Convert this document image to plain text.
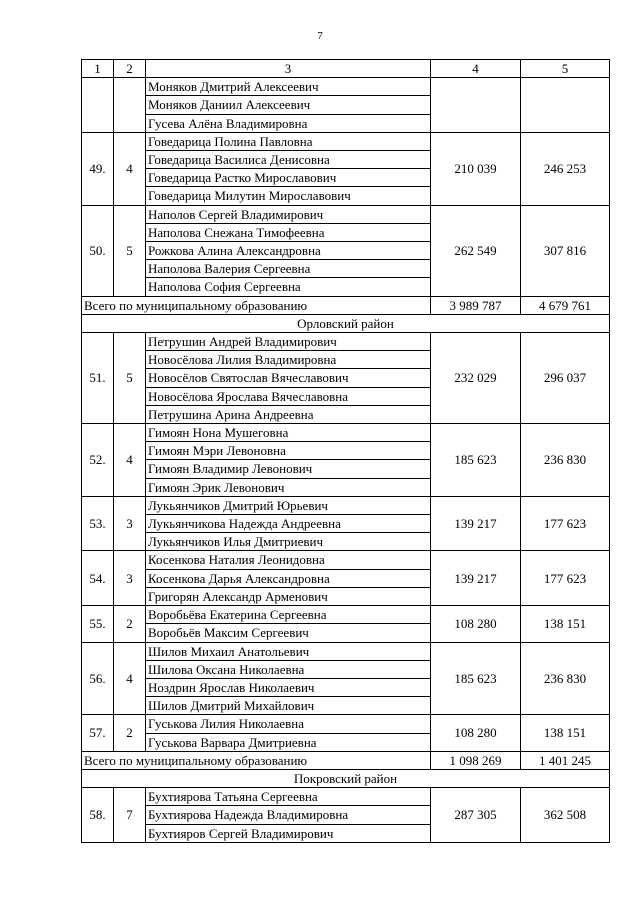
7
1	2	3	4	5
		Моняков Дмитрий Алексеевич		
		Моняков Даниил Алексеевич		
		Гусева Алёна Владимировна		
49.	4	Говедарица Полина Павловна	210 039	246 253
		Говедарица Василиса Денисовна		
		Говедарица Растко Мирославович		
		Говедарица Милутин Мирославович		
50.	5	Наполов Сергей Владимирович	262 549	307 816
		Наполова Снежана Тимофеевна		
		Рожкова Алина Александровна		
		Наполова Валерия Сергеевна		
		Наполова София Сергеевна		
Всего по муниципальному образованию			3 989 787	4 679 761
Орловский район				
51.	5	Петрушин Андрей Владимирович	232 029	296 037
		Новосёлова Лилия Владимировна		
		Новосёлов Святослав Вячеславович		
		Новосёлова Ярослава Вячеславовна		
		Петрушина Арина Андреевна		
52.	4	Гимоян Нона Мушеговна	185 623	236 830
		Гимоян Мэри Левоновна		
		Гимоян Владимир Левонович		
		Гимоян Эрик Левонович		
53.	3	Лукьянчиков Дмитрий Юрьевич	139 217	177 623
		Лукьянчикова Надежда Андреевна		
		Лукьянчиков Илья Дмитриевич		
54.	3	Косенкова Наталия Леонидовна	139 217	177 623
		Косенкова Дарья Александровна		
		Григорян Александр Арменович		
55.	2	Воробьёва Екатерина Сергеевна	108 280	138 151
		Воробьёв Максим Сергеевич		
56.	4	Шилов Михаил Анатольевич	185 623	236 830
		Шилова Оксана Николаевна		
		Ноздрин Ярослав Николаевич		
		Шилов Дмитрий Михайлович		
57.	2	Гуськова Лилия Николаевна	108 280	138 151
		Гуськова Варвара Дмитриевна		
Всего по муниципальному образованию			1 098 269	1 401 245
Покровский район				
58.	7	Бухтиярова Татьяна Сергеевна	287 305	362 508
		Бухтиярова Надежда Владимировна		
		Бухтияров Сергей Владимирович		
